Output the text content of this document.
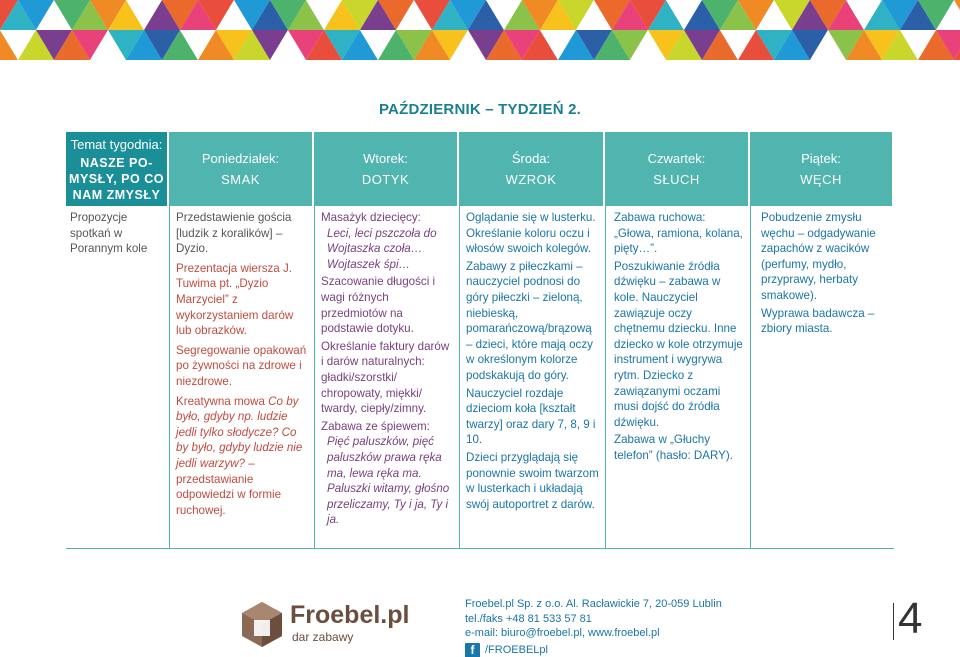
PAŹDZIERNIK – TYDZIEŃ 2.
Temat tygodnia:
NASZE PO-MYSŁY, PO CO NAM ZMYSŁY
Poniedziałek:
SMAK
Wtorek:
DOTYK
Środa:
WZROK
Czwartek:
SŁUCH
Piątek:
WĘCH

Propozycje spotkań w Porannym kole

Przedstawienie gościa [ludzik z koralików] – Dyzio.

Prezentacja wiersza J. Tuwima pt. „Dyzio Marzyciel” z wykorzystaniem darów lub obrazków.

Segregowanie opakowań po żywności na zdrowe i niezdrowe.

Kreatywna mowa Co by było, gdyby np. ludzie jedli tylko słodycze? Co by było, gdyby ludzie nie jedli warzyw? – przedstawianie odpowiedzi w formie ruchowej.

Masażyk dziecięcy:

Leci, leci pszczoła do Wojtaszka czoła… Wojtaszek śpi…

Szacowanie długości i wagi różnych przedmiotów na podstawie dotyku.

Określanie faktury darów i darów naturalnych: gładki/szorstki/ chropowaty, miękki/ twardy, ciepły/zimny.

Zabawa ze śpiewem:

Pięć paluszków, pięć paluszków prawa ręka ma, lewa ręka ma. Paluszki witamy, głośno przeliczamy, Ty i ja, Ty i ja.

Oglądanie się w lusterku.

Określanie koloru oczu i włosów swoich kolegów.

Zabawy z piłeczkami – nauczyciel podnosi do góry piłeczki – zieloną, niebieską, pomarańczową/brązową – dzieci, które mają oczy w określonym kolorze podskakują do góry.

Nauczyciel rozdaje dzieciom koła [kształt twarzy] oraz dary 7, 8, 9 i 10.

Dzieci przyglądają się ponownie swoim twarzom w lusterkach i układają swój autoportret z darów.

Zabawa ruchowa: „Głowa, ramiona, kolana, pięty…”.

Poszukiwanie źródła dźwięku – zabawa w kole. Nauczyciel zawiązuje oczy chętnemu dziecku. Inne dziecko w kole otrzymuje instrument i wygrywa rytm. Dziecko z zawiązanymi oczami musi dojść do źródła dźwięku.

Zabawa w „Głuchy telefon” (hasło: DARY).

Pobudzenie zmysłu węchu – odgadywanie zapachów z wacików (perfumy, mydło, przyprawy, herbaty smakowe).

Wyprawa badawcza – zbiory miasta.

Froebel.pl
dar zabawy
Froebel.pl Sp. z o.o. Al. Racławickie 7, 20-059 Lublin
tel./faks +48 81 533 57 81
e-mail: biuro@froebel.pl, www.froebel.pl
f /FROEBELpl
4
